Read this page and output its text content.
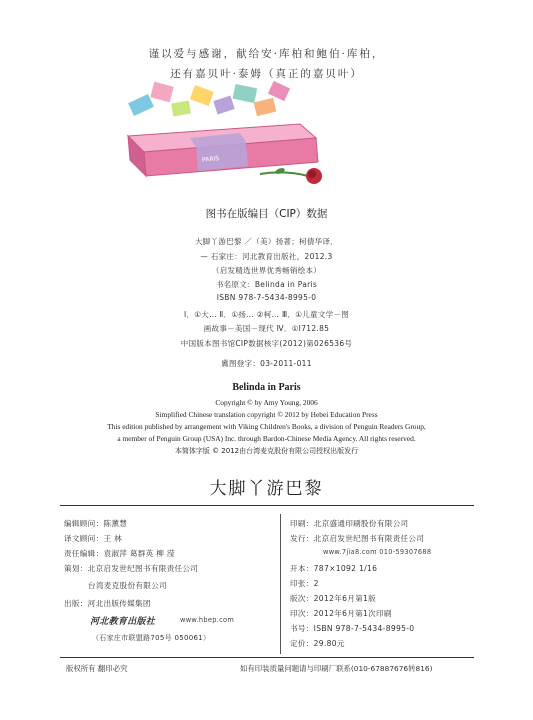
谨以爱与感谢，献给安·库柏和鲍伯·库柏，
还有嘉贝叶·泰姆（真正的嘉贝叶）
PARIS
图书在版编目（CIP）数据
大脚丫游巴黎 ／（美）扬著；柯倩华译．
— 石家庄：河北教育出版社，2012.3
（启发精选世界优秀畅销绘本）
书名原文：Belinda in Paris
ISBN 978-7-5434-8995-0
Ⅰ．①大… Ⅱ．①扬… ②柯… Ⅲ．①儿童文学－图
画故事－美国－现代 Ⅳ．①I712.85
中国版本图书馆CIP数据核字(2012)第026536号
冀图登字：03-2011-011
Belinda in Paris
Copyright © by Amy Young, 2006
Simplified Chinese translation copyright © 2012 by Hebei Education Press
This edition published by arrangement with Viking Children's Books, a division of Penguin Readers Group,
a member of Penguin Group (USA) Inc. through Bardon-Chinese Media Agency. All rights reserved.
本简体字版 © 2012由台湾麦克股份有限公司授权出版发行
大脚丫游巴黎
编辑顾问：陈薰慧
译文顾问：王 林
责任编辑：袁淑萍 葛群英 柳 滢
策划：北京启发世纪图书有限责任公司
台湾麦克股份有限公司
出版：河北出版传媒集团
河北教育出版社	www.hbep.com
（石家庄市联盟路705号 050061）
印刷：北京盛通印刷股份有限公司
发行：北京启发世纪图书有限责任公司
www.7jia8.com 010-59307688
开本：787×1092 1/16
印张：2
版次：2012年6月第1版
印次：2012年6月第1次印刷
书号：ISBN 978-7-5434-8995-0
定价：29.80元
版权所有 翻印必究	如有印装质量问题请与印刷厂联系(010-67887676转816)
